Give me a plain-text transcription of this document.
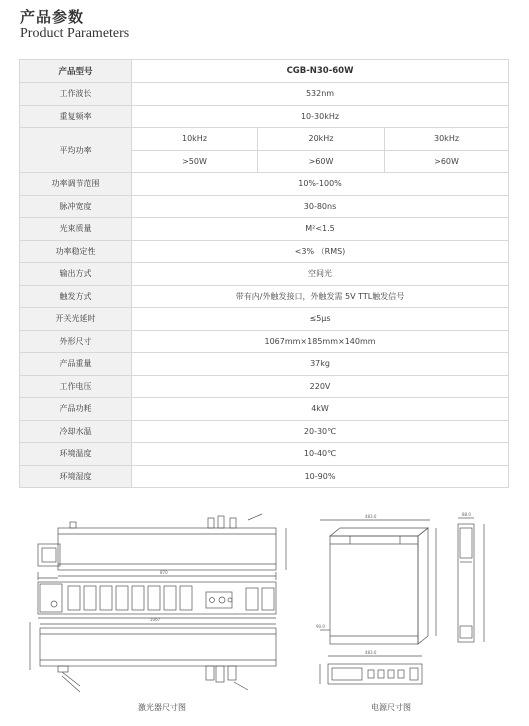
产品参数
Product Parameters
产品型号	CGB-N30-60W		
工作波长	532nm		
重复频率	10-30kHz		
平均功率	10kHz	20kHz	30kHz
	>50W	>60W	>60W
功率调节范围	10%-100%		
脉冲宽度	30-80ns		
光束质量	M²<1.5		
功率稳定性	<3% （RMS)		
输出方式	空间光		
触发方式	带有内/外触发接口，外触发需 5V TTL触发信号		
开关光延时	≤5μs		
外形尺寸	1067mm×185mm×140mm		
产品重量	37kg		
工作电压	220V		
产品功耗	4kW		
冷却水温	20-30℃		
环境温度	10-40℃		
环境湿度	10-90%		
870
1067
483.0
483.0
90.0
88.0
激光器尺寸图	电源尺寸图
